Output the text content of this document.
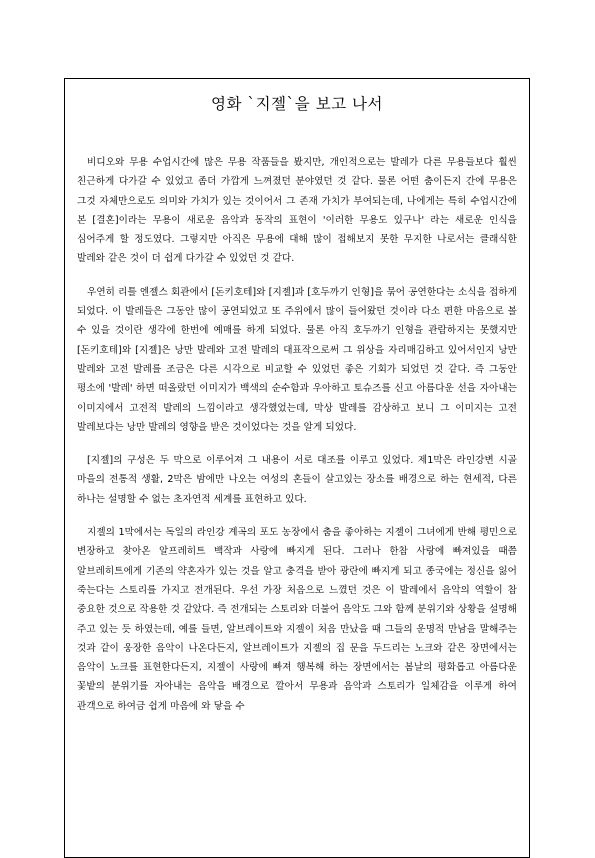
영화 `지젤`을 보고 나서

비디오와 무용 수업시간에 많은 무용 작품들을 봤지만, 개인적으로는 발레가 다른 무용들보다 훨씬 친근하게 다가갈 수 있었고 좀더 가깝게 느껴졌던 분야였던 것 같다. 물론 어떤 춤이든지 간에 무용은 그것 자체만으로도 의미와 가치가 있는 것이어서 그 존재 가치가 부여되는데, 나에게는 특히 수업시간에 본 [결혼]이라는 무용이 새로운 음악과 동작의 표현이 '이러한 무용도 있구나' 라는 새로운 인식을 심어주게 할 정도였다. 그렇지만 아직은 무용에 대해 많이 접해보지 못한 무지한 나로서는 클래식한 발레와 같은 것이 더 쉽게 다가갈 수 있었던 것 같다.

우연히 리틀 엔젤스 회관에서 [돈키호테]와 [지젤]과 [호두까기 인형]을 묶어 공연한다는 소식을 접하게 되었다. 이 발레들은 그동안 많이 공연되었고 또 주위에서 많이 들어왔던 것이라 다소 편한 마음으로 볼 수 있을 것이란 생각에 한번에 예매를 하게 되었다. 물론 아직 호두까기 인형을 관람하지는 못했지만 [돈키호테]와 [지젤]은 낭만 발레와 고전 발레의 대표작으로써 그 위상을 자리매김하고 있어서인지 낭만 발레와 고전 발레를 조금은 다른 시각으로 비교할 수 있었던 좋은 기회가 되었던 것 같다. 즉 그동안 평소에 '발레' 하면 떠올랐던 이미지가 백색의 순수함과 우아하고 토슈즈를 신고 아름다운 선을 자아내는 이미지에서 고전적 발레의 느낌이라고 생각했었는데, 막상 발레를 감상하고 보니 그 이미지는 고전 발레보다는 낭만 발레의 영향을 받은 것이었다는 것을 알게 되었다.

[지젤]의 구성은 두 막으로 이루어져 그 내용이 서로 대조를 이루고 있었다. 제1막은 라인강변 시골 마을의 전통적 생활, 2막은 밤에만 나오는 여성의 혼들이 살고있는 장소를 배경으로 하는 현세적, 다른 하나는 설명할 수 없는 초자연적 세계를 표현하고 있다.

지젤의 1막에서는 독일의 라인강 계곡의 포도 농장에서 춤을 좋아하는 지젤이 그녀에게 반해 평민으로 변장하고 찾아온 알프레히트 백작과 사랑에 빠지게 된다. 그러나 한참 사랑에 빠져있을 때쯤 알브레히트에게 기존의 약혼자가 있는 것을 알고 충격을 받아 광란에 빠지게 되고 종국에는 정신을 잃어 죽는다는 스토리를 가지고 전개된다. 우선 가장 처음으로 느꼈던 것은 이 발레에서 음악의 역할이 참 중요한 것으로 작용한 것 같았다. 즉 전개되는 스토리와 더불어 음악도 그와 함께 분위기와 상황을 설명해 주고 있는 듯 하였는데, 예를 들면, 알브레이트와 지젤이 처음 만났을 때 그들의 운명적 만남을 말해주는 것과 같이 웅장한 음악이 나온다든지, 알브레이트가 지젤의 집 문을 두드리는 노크와 같은 장면에서는 음악이 노크를 표현한다든지, 지젤이 사랑에 빠져 행복해 하는 장면에서는 봄날의 평화롭고 아름다운 꽃밭의 분위기를 자아내는 음악을 배경으로 깔아서 무용과 음악과 스토리가 일체감을 이루게 하여 관객으로 하여금 쉽게 마음에 와 닿을 수
